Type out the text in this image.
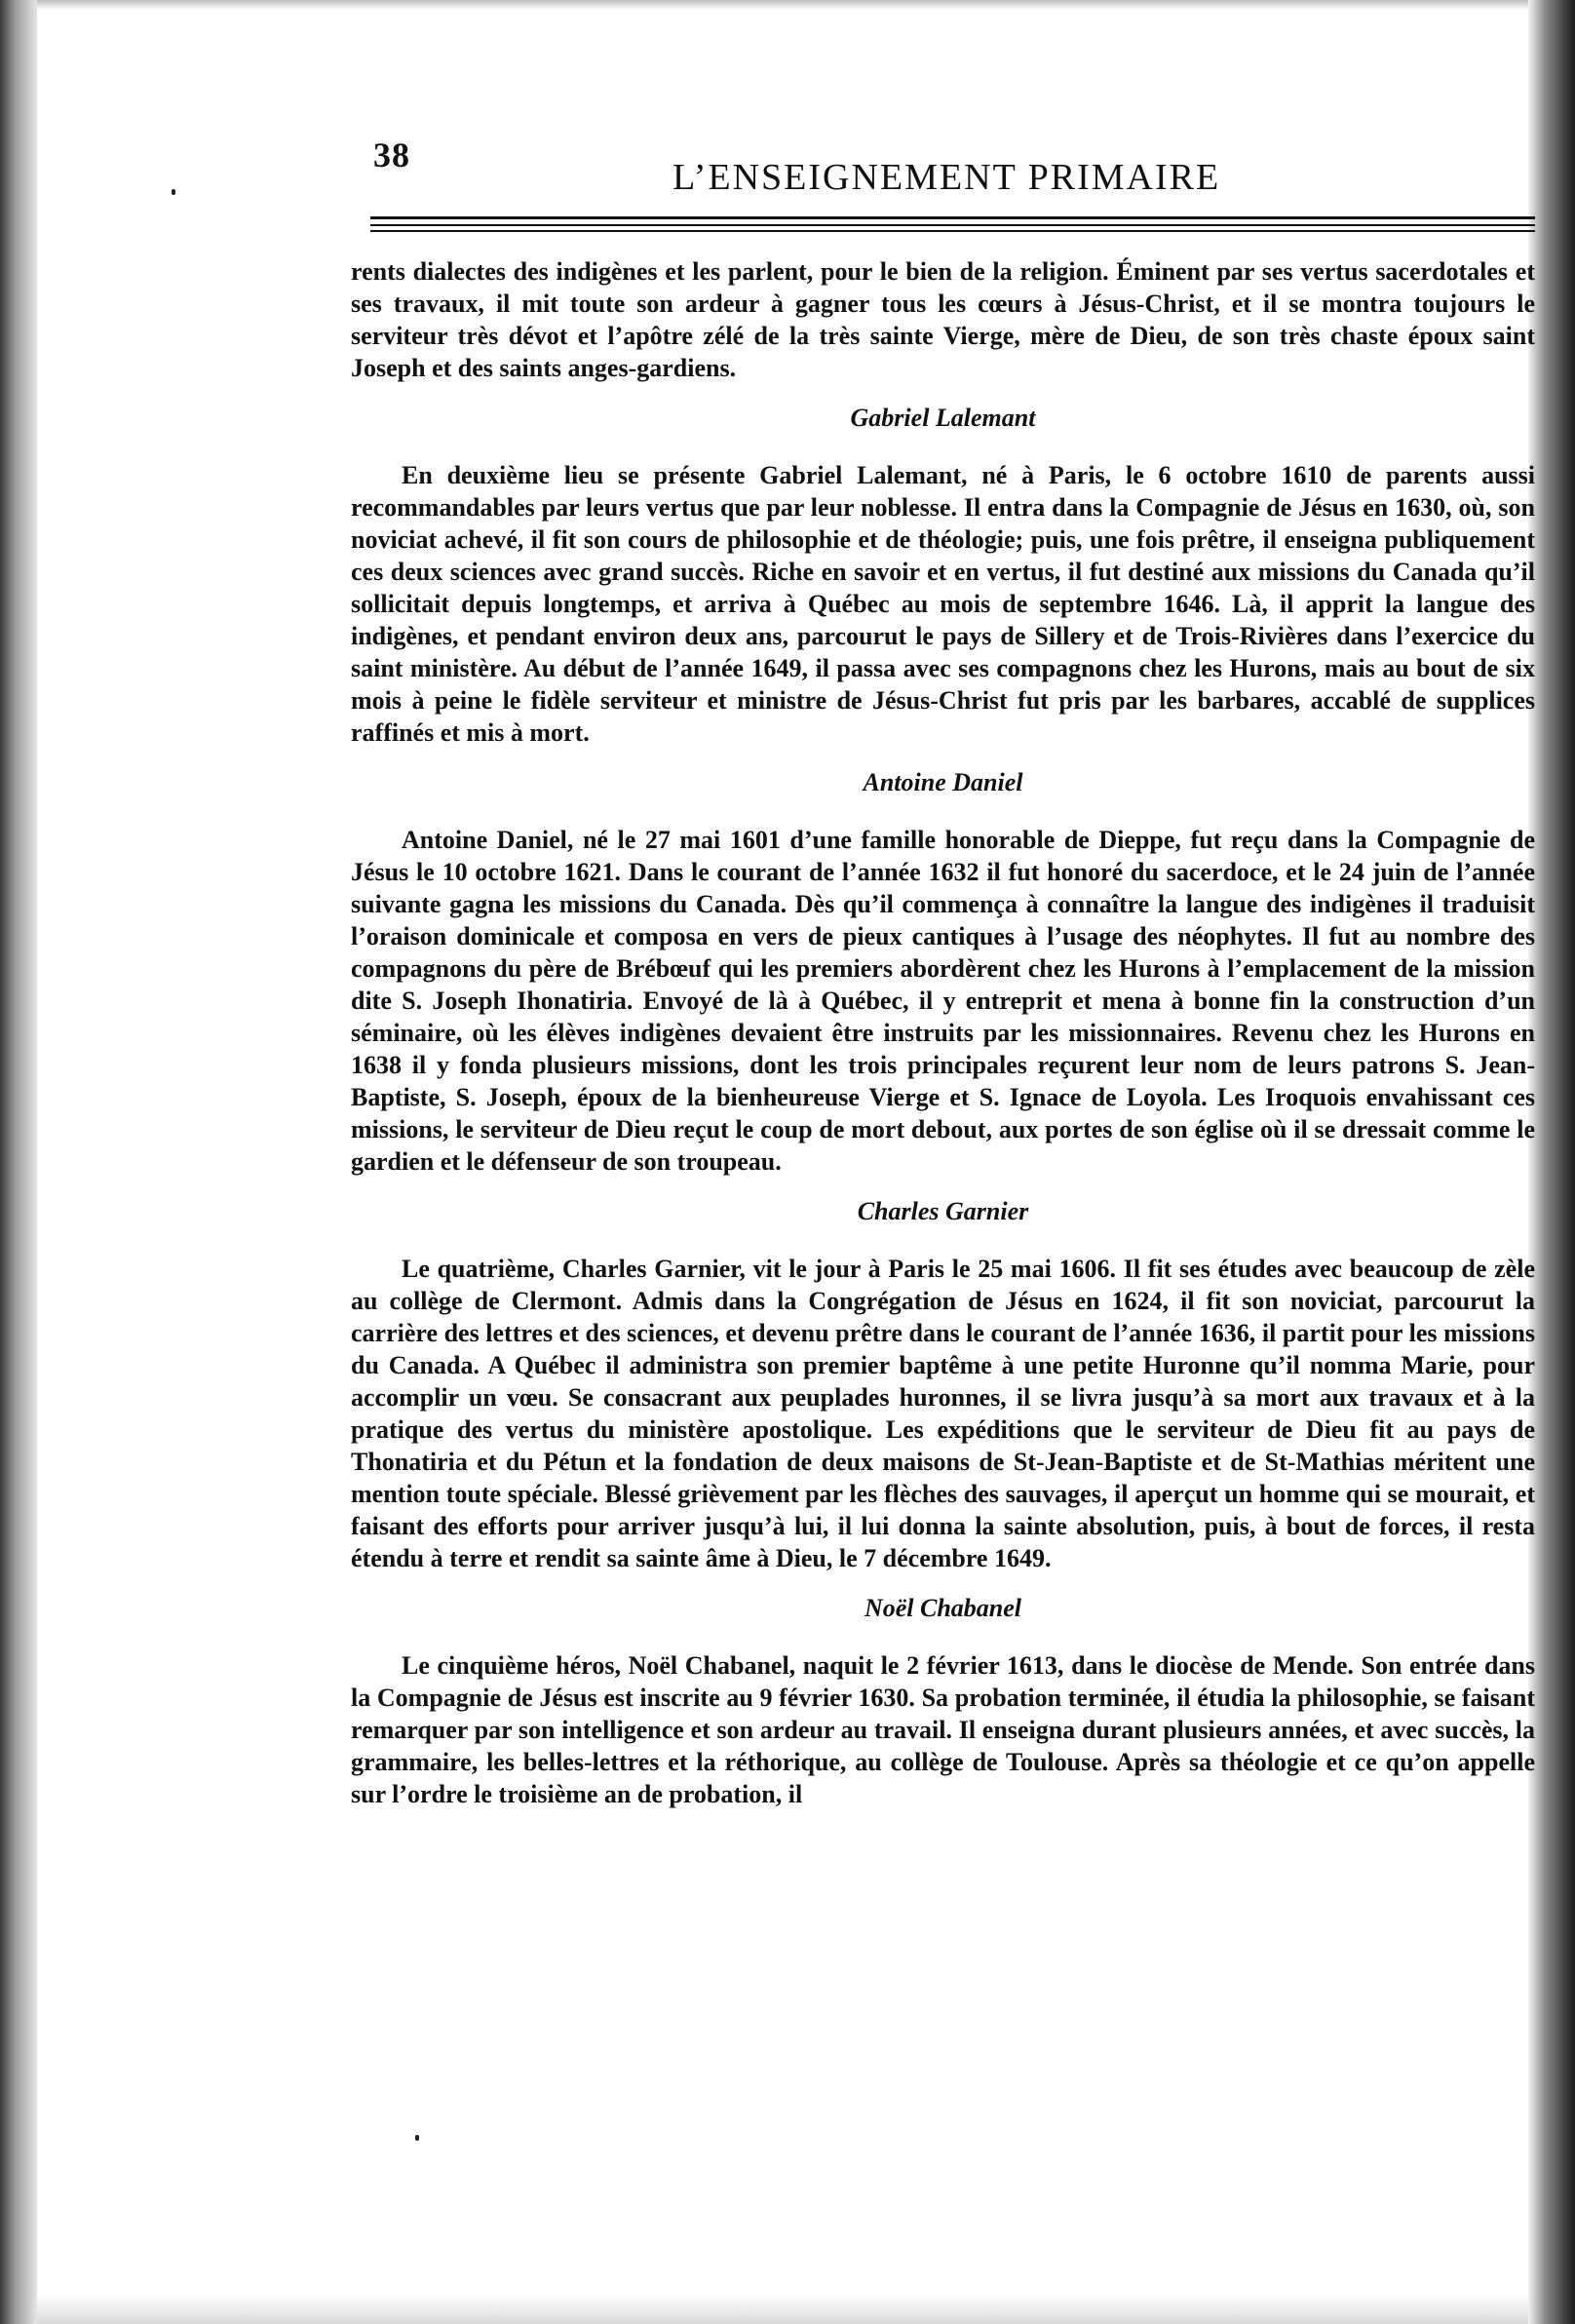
38
L’ENSEIGNEMENT PRIMAIRE

rents dialectes des indigènes et les parlent, pour le bien de la religion. Éminent par ses vertus sacerdotales et ses travaux, il mit toute son ardeur à gagner tous les cœurs à Jésus-Christ, et il se montra toujours le serviteur très dévot et l’apôtre zélé de la très sainte Vierge, mère de Dieu, de son très chaste époux saint Joseph et des saints anges-gardiens.

Gabriel Lalemant

En deuxième lieu se présente Gabriel Lalemant, né à Paris, le 6 octobre 1610 de parents aussi recommandables par leurs vertus que par leur noblesse. Il entra dans la Compagnie de Jésus en 1630, où, son noviciat achevé, il fit son cours de philosophie et de théologie; puis, une fois prêtre, il enseigna publiquement ces deux sciences avec grand succès. Riche en savoir et en vertus, il fut destiné aux missions du Canada qu’il sollicitait depuis longtemps, et arriva à Québec au mois de septembre 1646. Là, il apprit la langue des indigènes, et pendant environ deux ans, parcourut le pays de Sillery et de Trois-Rivières dans l’exercice du saint ministère. Au début de l’année 1649, il passa avec ses compagnons chez les Hurons, mais au bout de six mois à peine le fidèle serviteur et ministre de Jésus-Christ fut pris par les barbares, accablé de supplices raffinés et mis à mort.

Antoine Daniel

Antoine Daniel, né le 27 mai 1601 d’une famille honorable de Dieppe, fut reçu dans la Compagnie de Jésus le 10 octobre 1621. Dans le courant de l’année 1632 il fut honoré du sacerdoce, et le 24 juin de l’année suivante gagna les missions du Canada. Dès qu’il commença à connaître la langue des indigènes il traduisit l’oraison dominicale et composa en vers de pieux cantiques à l’usage des néophytes. Il fut au nombre des compagnons du père de Brébœuf qui les premiers abordèrent chez les Hurons à l’emplacement de la mission dite S. Joseph Ihonatiria. Envoyé de là à Québec, il y entreprit et mena à bonne fin la construction d’un séminaire, où les élèves indigènes devaient être instruits par les missionnaires. Revenu chez les Hurons en 1638 il y fonda plusieurs missions, dont les trois principales reçurent leur nom de leurs patrons S. Jean-Baptiste, S. Joseph, époux de la bienheureuse Vierge et S. Ignace de Loyola. Les Iroquois envahissant ces missions, le serviteur de Dieu reçut le coup de mort debout, aux portes de son église où il se dressait comme le gardien et le défenseur de son troupeau.

Charles Garnier

Le quatrième, Charles Garnier, vit le jour à Paris le 25 mai 1606. Il fit ses études avec beaucoup de zèle au collège de Clermont. Admis dans la Congrégation de Jésus en 1624, il fit son noviciat, parcourut la carrière des lettres et des sciences, et devenu prêtre dans le courant de l’année 1636, il partit pour les missions du Canada. A Québec il administra son premier baptême à une petite Huronne qu’il nomma Marie, pour accomplir un vœu. Se consacrant aux peuplades huronnes, il se livra jusqu’à sa mort aux travaux et à la pratique des vertus du ministère apostolique. Les expéditions que le serviteur de Dieu fit au pays de Thonatiria et du Pétun et la fondation de deux maisons de St-Jean-Baptiste et de St-Mathias méritent une mention toute spéciale. Blessé grièvement par les flèches des sauvages, il aperçut un homme qui se mourait, et faisant des efforts pour arriver jusqu’à lui, il lui donna la sainte absolution, puis, à bout de forces, il resta étendu à terre et rendit sa sainte âme à Dieu, le 7 décembre 1649.

Noël Chabanel

Le cinquième héros, Noël Chabanel, naquit le 2 février 1613, dans le diocèse de Mende. Son entrée dans la Compagnie de Jésus est inscrite au 9 février 1630. Sa probation terminée, il étudia la philosophie, se faisant remarquer par son intelligence et son ardeur au travail. Il enseigna durant plusieurs années, et avec succès, la grammaire, les belles-lettres et la réthorique, au collège de Toulouse. Après sa théologie et ce qu’on appelle sur l’ordre le troisième an de probation, il
